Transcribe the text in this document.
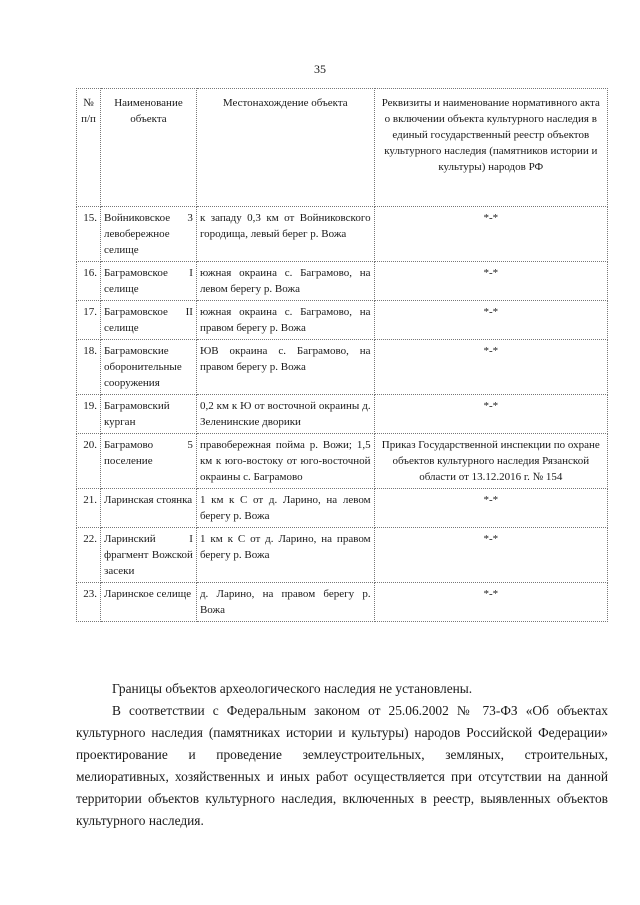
35
№ п/п	Наименование объекта	Местонахождение объекта	Реквизиты и наименование нормативного акта о включении объекта культурного наследия в единый государственный реестр объектов культурного наследия (памятников истории и культуры) народов РФ
15.	Войниковское 3 левобережное селище	к западу 0,3 км от Войниковского городища, левый берег р. Вожа	*-*
16.	Баграмовское I селище	южная окраина с. Баграмово, на левом берегу р. Вожа	*-*
17.	Баграмовское II селище	южная окраина с. Баграмово, на правом берегу р. Вожа	*-*
18.	Баграмовские оборонительные сооружения	ЮВ окраина с. Баграмово, на правом берегу р. Вожа	*-*
19.	Баграмовский курган	0,2 км к Ю от восточной окраины д. Зеленинские дворики	*-*
20.	Баграмово 5 поселение	правобережная пойма р. Вожи; 1,5 км к юго-востоку от юго-восточной окраины с. Баграмово	Приказ Государственной инспекции по охране объектов культурного наследия Рязанской области от 13.12.2016 г. № 154
21.	Ларинская стоянка	1 км к С от д. Ларино, на левом берегу р. Вожа	*-*
22.	Ларинский I фрагмент Вожской засеки	1 км к С от д. Ларино, на правом берегу р. Вожа	*-*
23.	Ларинское селище	д. Ларино, на правом берегу р. Вожа	*-*

Границы объектов археологического наследия не установлены.

В соответствии с Федеральным законом от 25.06.2002 № 73-ФЗ «Об объектах культурного наследия (памятниках истории и культуры) народов Российской Федерации» проектирование и проведение землеустроительных, земляных, строительных, мелиоративных, хозяйственных и иных работ осуществляется при отсутствии на данной территории объектов культурного наследия, включенных в реестр, выявленных объектов культурного наследия.
